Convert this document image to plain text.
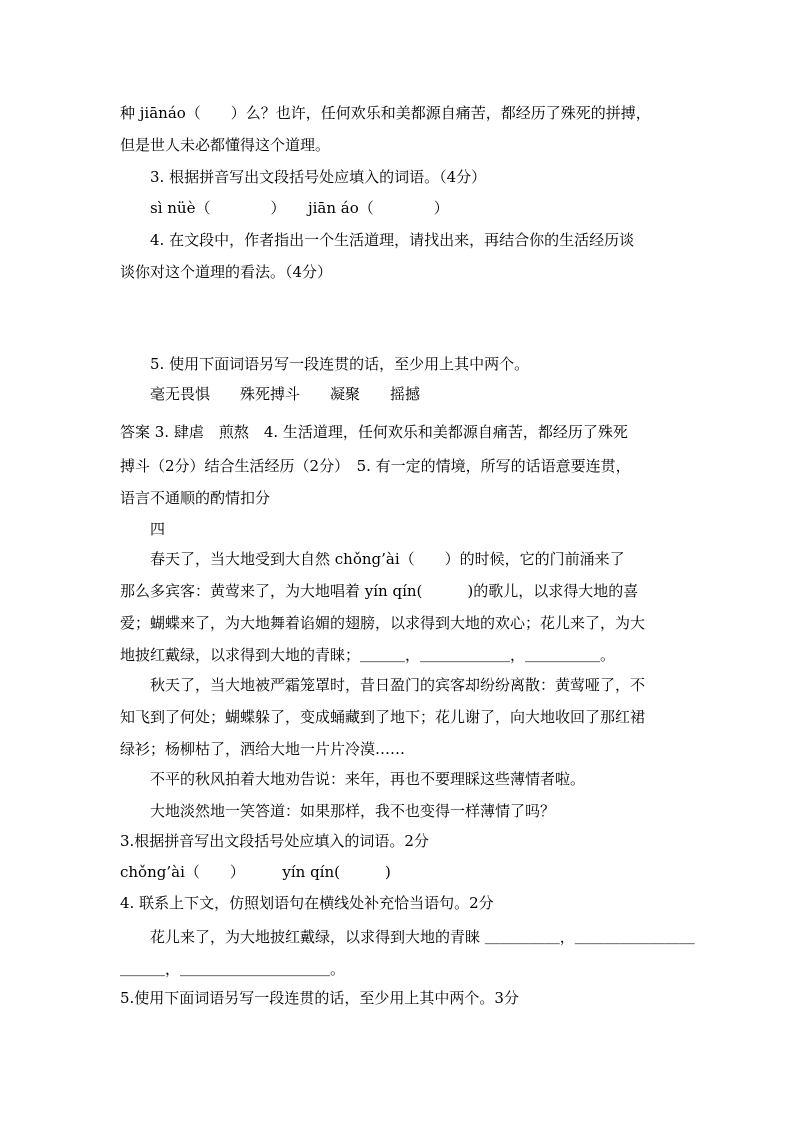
种 jiānáo（　　）么？也许，任何欢乐和美都源自痛苦，都经历了殊死的拼搏，
但是世人未必都懂得这个道理。
3. 根据拼音写出文段括号处应填入的词语。（4分）
sì nüè（　　　　）　　jiān áo（　　　　）
4. 在文段中，作者指出一个生活道理，请找出来，再结合你的生活经历谈
谈你对这个道理的看法。（4分）
5. 使用下面词语另写一段连贯的话，至少用上其中两个。
毫无畏惧　　殊死搏斗　　凝聚　　摇撼
答案 3. 肆虐　煎熬　4. 生活道理，任何欢乐和美都源自痛苦，都经历了殊死
搏斗（2分）结合生活经历（2分）　5. 有一定的情境，所写的话语意要连贯，
语言不通顺的酌情扣分
四
春天了，当大地受到大自然 chǒng’ài（　　）的时候，它的门前涌来了
那么多宾客：黄莺来了，为大地唱着 yín qín(　　　)的歌儿，以求得大地的喜
爱；蝴蝶来了，为大地舞着谄媚的翅膀，以求得到大地的欢心；花儿来了，为大
地披红戴绿，以求得到大地的青睐；＿＿＿，＿＿＿＿＿＿，＿＿＿＿＿。
秋天了，当大地被严霜笼罩时，昔日盈门的宾客却纷纷离散：黄莺哑了，不
知飞到了何处；蝴蝶躲了，变成蛹藏到了地下；花儿谢了，向大地收回了那红裙
绿衫；杨柳枯了，洒给大地一片片冷漠……
不平的秋风拍着大地劝告说：来年，再也不要理睬这些薄情者啦。
大地淡然地一笑答道：如果那样，我不也变得一样薄情了吗？
3.根据拼音写出文段括号处应填入的词语。2分
chǒng’ài（　　）　　　yín qín(　　　)
4. 联系上下文，仿照划语句在横线处补充恰当语句。2分
花儿来了，为大地披红戴绿，以求得到大地的青睐 ＿＿＿＿＿，＿＿＿＿＿＿＿＿
＿＿＿，＿＿＿＿＿＿＿＿＿＿。
5.使用下面词语另写一段连贯的话，至少用上其中两个。3分
